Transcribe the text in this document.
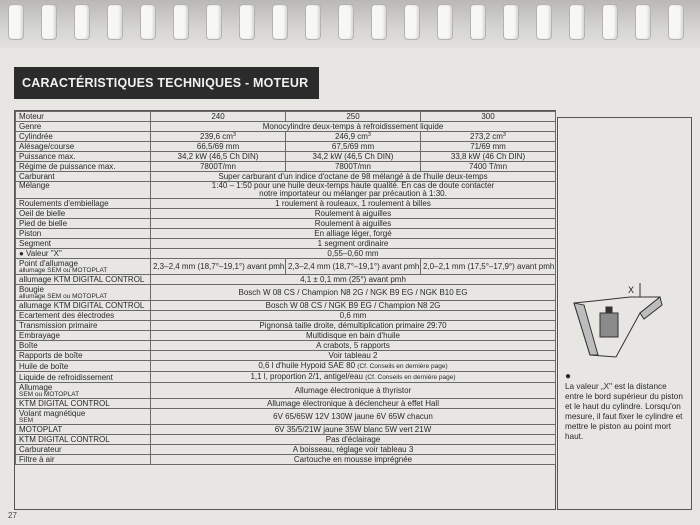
CARACTÉRISTIQUES TECHNIQUES - MOTEUR
Moteur	240	250	300
Genre	Monocylindre deux-temps à refroidissement liquide		
Cylindrée	239,6 $cm^3$	246,9 $cm^3$	273,2 $cm^3$
Alésage/course	66,5/69 mm	67,5/69 mm	71/69 mm
Puissance max.	34,2 kW (46,5 Ch DIN)	34,2 kW (46,5 Ch DIN)	33,8 kW (46 Ch DIN)
Régime de puissance max.	7800T/mn	7800T/mn	7400 T/mn
Carburant	Super carburant d'un indice d'octane de 98 mélangé à de l'huile deux-temps		
Mélange	1:40 – 1:50 pour une huile deux-temps haute qualité. En cas de doute contacter
notre importateur ou mélanger par précaution à 1:30.		

Roulements d'embiellage	1 roulement à rouleaux, 1 roulement à billes		
Oeil de bielle	Roulement à aiguilles		
Pied de bielle	Roulement à aiguilles		
Piston	En alliage léger, forgé		
Segment	1 segment ordinaire		
● Valeur "X"	0,55–0,60 mm		

Point d'allumage
allumage SEM ou MOTOPLAT	2,3–2,4 mm (18,7°–19,1°) avant pmh	2,3–2,4 mm (18,7°–19,1°) avant pmh	2,0–2,1 mm (17,5°–17,9°) avant pmh
allumage KTM DIGITAL CONTROL	4,1 ± 0,1 mm (25°) avant pmh		

Bougie
allumage SEM ou MOTOPLAT	Bosch W 08 CS / Champion N8 2G / NGK B9 EG / NGK B10 EG		
allumage KTM DIGITAL CONTROL	Bosch W 08 CS / NGK B9 EG / Champion N8 2G		
Ecartement des électrodes	0,6 mm		
Transmission primaire	Pignonsà taille droite, démultiplication primaire 29:70		
Embrayage	Multidisque en bain d'huile		
Boîte	A crabots, 5 rapports		
Rapports de boîte	Voir tableau 2		
Huile de boîte	0,6 l d'huile Hypoid SAE 80 (Cf. Conseils en dernière page)		
Liquide de refroidissement	1,1 l, proportion 2/1, antigel/eau (Cf. Conseils en dernière page)		

Allumage
SEM ou MOTOPLAT	Allumage électronique à thyristor		
KTM DIGITAL CONTROL	Allumage électronique à déclencheur à effet Hall		

Volant magnétique
SEM	6V 65/65W 12V 130W jaune 6V 65W chacun		
MOTOPLAT	6V 35/5/21W jaune 35W blanc 5W vert 21W		
KTM DIGITAL CONTROL	Pas d'éclairage		
Carburateur	A boisseau, réglage voir tableau 3		
Filtre à air	Cartouche en mousse imprégnée		
X
●
La valeur „X" est la distance entre le bord supérieur du piston et le haut du cylindre. Lorsqu'on mesure, il faut fixer le cylindre et mettre le piston au point mort haut.
27
